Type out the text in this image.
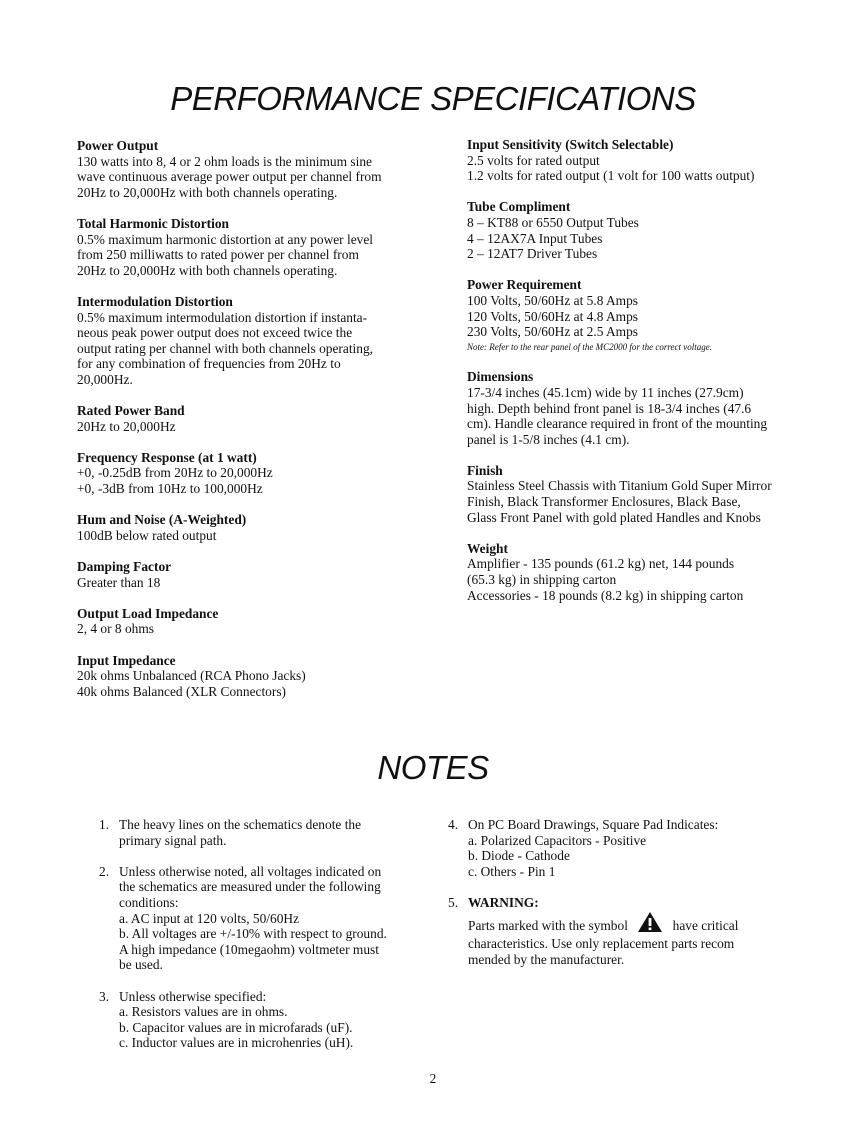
PERFORMANCE SPECIFICATIONS
Power Output

130 watts into 8, 4 or 2 ohm loads is the minimum sine

wave continuous average power output per channel from

20Hz to 20,000Hz with both channels operating.

Total Harmonic Distortion

0.5% maximum harmonic distortion at any power level

from 250 milliwatts to rated power per channel from

20Hz to 20,000Hz with both channels operating.

Intermodulation Distortion

0.5% maximum intermodulation distortion if instanta-

neous peak power output does not exceed twice the

output rating per channel with both channels operating,

for any combination of frequencies from 20Hz to

20,000Hz.

Rated Power Band

20Hz to 20,000Hz

Frequency Response (at 1 watt)

+0, -0.25dB from 20Hz to 20,000Hz

+0, -3dB from 10Hz to 100,000Hz

Hum and Noise (A-Weighted)

100dB below rated output

Damping Factor

Greater than 18

Output Load Impedance

2, 4 or 8 ohms

Input Impedance

20k ohms Unbalanced (RCA Phono Jacks)

40k ohms Balanced (XLR Connectors)

Input Sensitivity (Switch Selectable)

2.5 volts for rated output

1.2 volts for rated output (1 volt for 100 watts output)

Tube Compliment

8 – KT88 or 6550 Output Tubes

4 – 12AX7A Input Tubes

2 – 12AT7 Driver Tubes

Power Requirement

100 Volts, 50/60Hz at 5.8 Amps

120 Volts, 50/60Hz at 4.8 Amps

230 Volts, 50/60Hz at 2.5 Amps

Note: Refer to the rear panel of the MC2000 for the correct voltage.

Dimensions

17-3/4 inches (45.1cm) wide by 11 inches (27.9cm)

high. Depth behind front panel is 18-3/4 inches (47.6

cm). Handle clearance required in front of the mounting

panel is 1-5/8 inches (4.1 cm).

Finish

Stainless Steel Chassis with Titanium Gold Super Mirror

Finish, Black Transformer Enclosures, Black Base,

Glass Front Panel with gold plated Handles and Knobs

Weight

Amplifier - 135 pounds (61.2 kg) net, 144 pounds

(65.3 kg) in shipping carton

Accessories - 18 pounds (8.2 kg) in shipping carton

NOTES
1. The heavy lines on the schematics denote the

primary signal path.

2. Unless otherwise noted, all voltages indicated on

the schematics are measured under the following

conditions:

a. AC input at 120 volts, 50/60Hz

b. All voltages are +/-10% with respect to ground.

A high impedance (10megaohm) voltmeter must

be used.

3. Unless otherwise specified:

a. Resistors values are in ohms.

b. Capacitor values are in microfarads (uF).

c. Inductor values are in microhenries (uH).

4. On PC Board Drawings, Square Pad Indicates:

a. Polarized Capacitors - Positive

b. Diode - Cathode

c. Others - Pin 1

5. WARNING:

Parts marked with the symbol	have critical

characteristics. Use only replacement parts recom

mended by the manufacturer.

2
